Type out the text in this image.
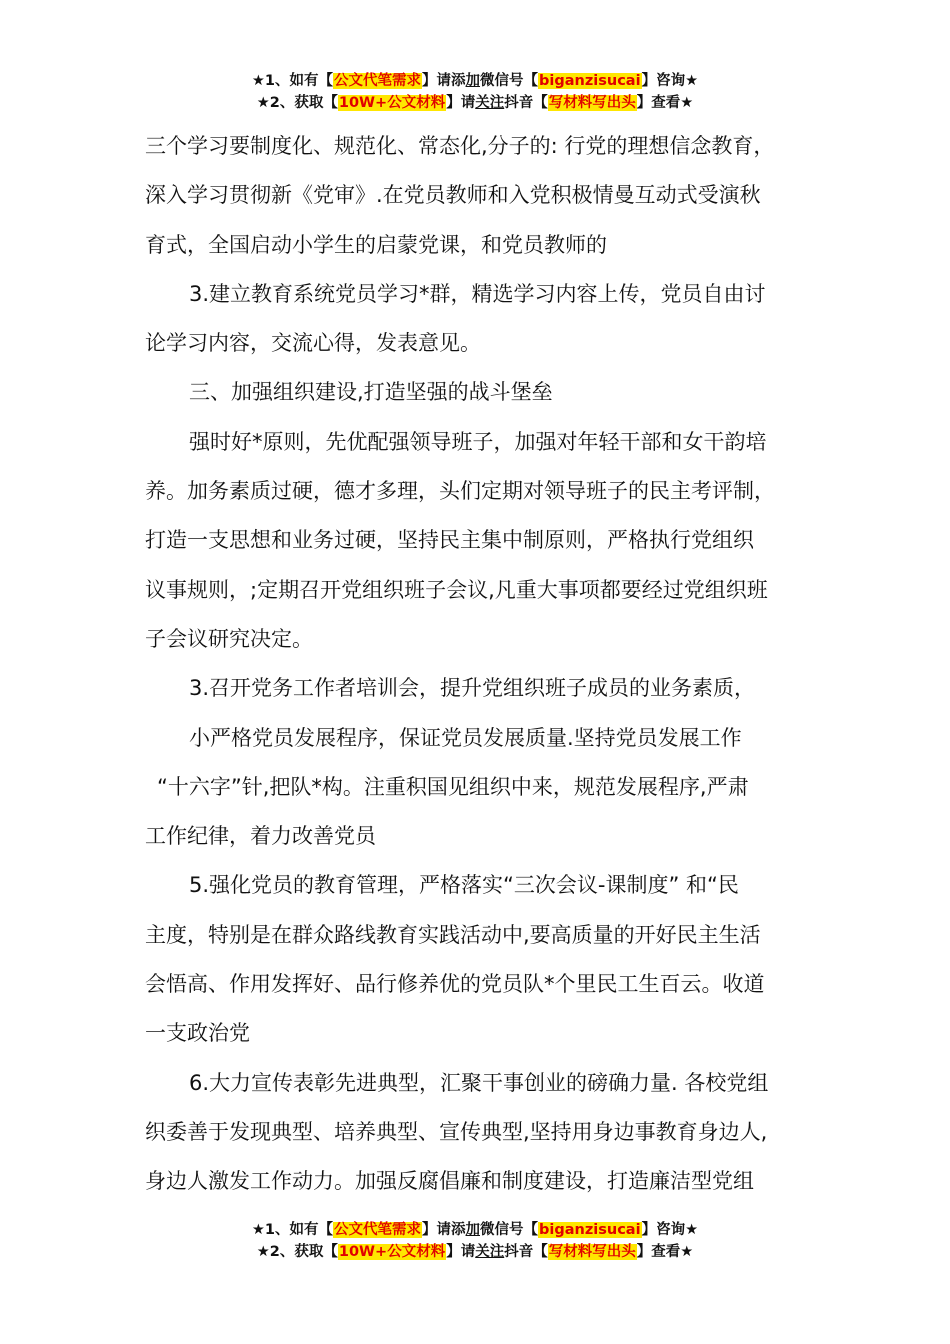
★1、如有【公文代笔需求】请添加微信号【biganzisucai】咨询★
★2、获取【10W+公文材料】请关注抖音【写材料写出头】查看★

三个学习要制度化、规范化、常态化,分子的: 行党的理想信念教育，

深入学习贯彻新《党审》.在党员教师和入党积极情曼互动式受演秋

育式，全国启动小学生的启蒙党课，和党员教师的

3.建立教育系统党员学习*群，精选学习内容上传，党员自由讨

论学习内容，交流心得，发表意见。

三、加强组织建设,打造坚强的战斗堡垒

强时好*原则，先优配强领导班子，加强对年轻干部和女干韵培

养。加务素质过硬，德才多理，头们定期对领导班子的民主考评制，

打造一支思想和业务过硬，坚持民主集中制原则，严格执行党组织

议事规则，;定期召开党组织班子会议,凡重大事项都要经过党组织班

子会议研究决定。

3.召开党务工作者培训会，提升党组织班子成员的业务素质，

小严格党员发展程序，保证党员发展质量.坚持党员发展工作

“十六字”针,把队*构。注重积国见组织中来，规范发展程序,严肃

工作纪律，着力改善党员

5.强化党员的教育管理，严格落实“三次会议-课制度” 和“民

主度，特别是在群众路线教育实践活动中,要高质量的开好民主生活

会悟高、作用发挥好、品行修养优的党员队*个里民工生百云。收道

一支政治党

6.大力宣传表彰先进典型，汇聚干事创业的磅确力量. 各校党组

织委善于发现典型、培养典型、宣传典型,坚持用身边事教育身边人,

身边人激发工作动力。加强反腐倡廉和制度建设，打造廉洁型党组

★1、如有【公文代笔需求】请添加微信号【biganzisucai】咨询★
★2、获取【10W+公文材料】请关注抖音【写材料写出头】查看★
